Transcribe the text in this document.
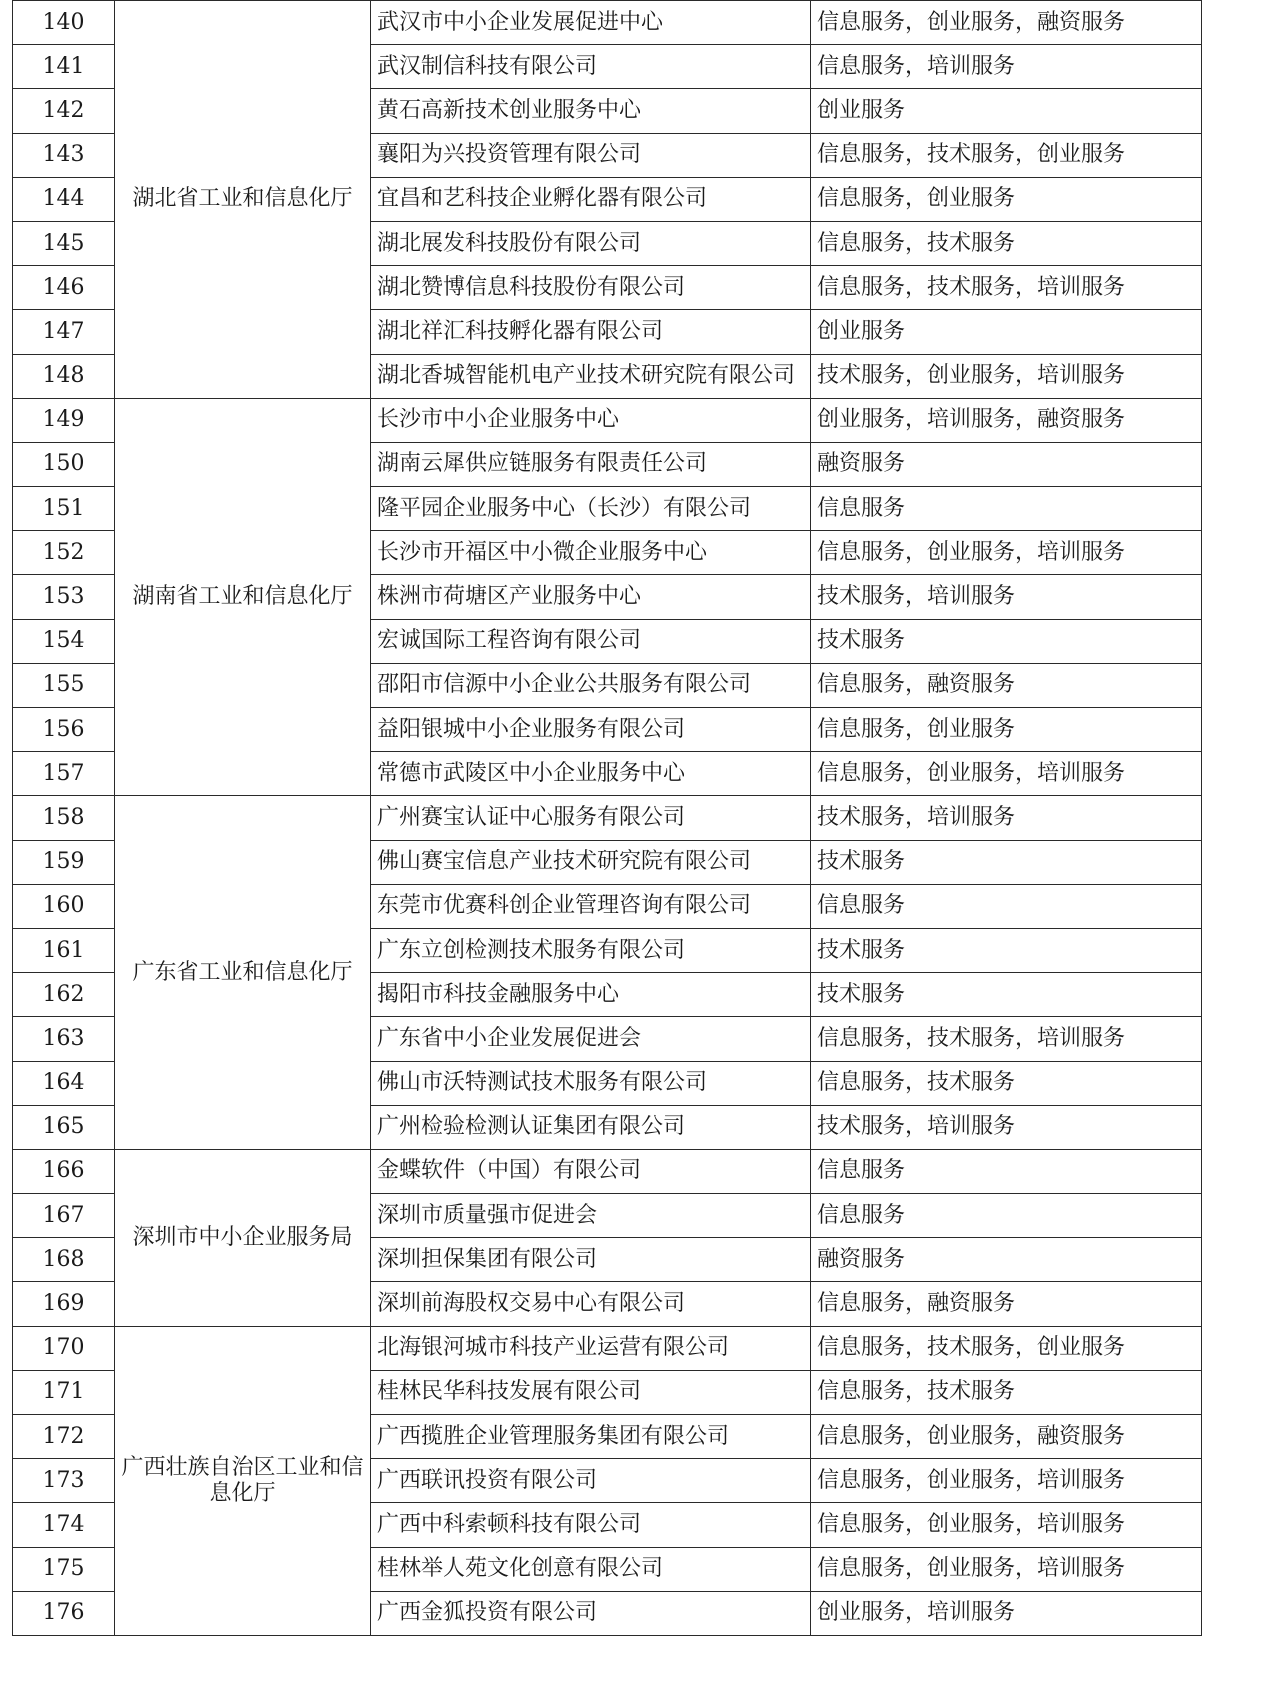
140	湖北省工业和信息化厅	武汉市中小企业发展促进中心	信息服务，创业服务，融资服务
141		武汉制信科技有限公司	信息服务，培训服务
142		黄石高新技术创业服务中心	创业服务
143		襄阳为兴投资管理有限公司	信息服务，技术服务，创业服务
144		宜昌和艺科技企业孵化器有限公司	信息服务，创业服务
145		湖北展发科技股份有限公司	信息服务，技术服务
146		湖北赞博信息科技股份有限公司	信息服务，技术服务，培训服务
147		湖北祥汇科技孵化器有限公司	创业服务
148		湖北香城智能机电产业技术研究院有限公司	技术服务，创业服务，培训服务
149	湖南省工业和信息化厅	长沙市中小企业服务中心	创业服务，培训服务，融资服务
150		湖南云犀供应链服务有限责任公司	融资服务
151		隆平园企业服务中心（长沙）有限公司	信息服务
152		长沙市开福区中小微企业服务中心	信息服务，创业服务，培训服务
153		株洲市荷塘区产业服务中心	技术服务，培训服务
154		宏诚国际工程咨询有限公司	技术服务
155		邵阳市信源中小企业公共服务有限公司	信息服务，融资服务
156		益阳银城中小企业服务有限公司	信息服务，创业服务
157		常德市武陵区中小企业服务中心	信息服务，创业服务，培训服务
158	广东省工业和信息化厅	广州赛宝认证中心服务有限公司	技术服务，培训服务
159		佛山赛宝信息产业技术研究院有限公司	技术服务
160		东莞市优赛科创企业管理咨询有限公司	信息服务
161		广东立创检测技术服务有限公司	技术服务
162		揭阳市科技金融服务中心	技术服务
163		广东省中小企业发展促进会	信息服务，技术服务，培训服务
164		佛山市沃特测试技术服务有限公司	信息服务，技术服务
165		广州检验检测认证集团有限公司	技术服务，培训服务
166	深圳市中小企业服务局	金蝶软件（中国）有限公司	信息服务
167		深圳市质量强市促进会	信息服务
168		深圳担保集团有限公司	融资服务
169		深圳前海股权交易中心有限公司	信息服务，融资服务
170	广西壮族自治区工业和信息化厅	北海银河城市科技产业运营有限公司	信息服务，技术服务，创业服务
171		桂林民华科技发展有限公司	信息服务，技术服务
172		广西揽胜企业管理服务集团有限公司	信息服务，创业服务，融资服务
173		广西联讯投资有限公司	信息服务，创业服务，培训服务
174		广西中科索顿科技有限公司	信息服务，创业服务，培训服务
175		桂林举人苑文化创意有限公司	信息服务，创业服务，培训服务
176		广西金狐投资有限公司	创业服务，培训服务
